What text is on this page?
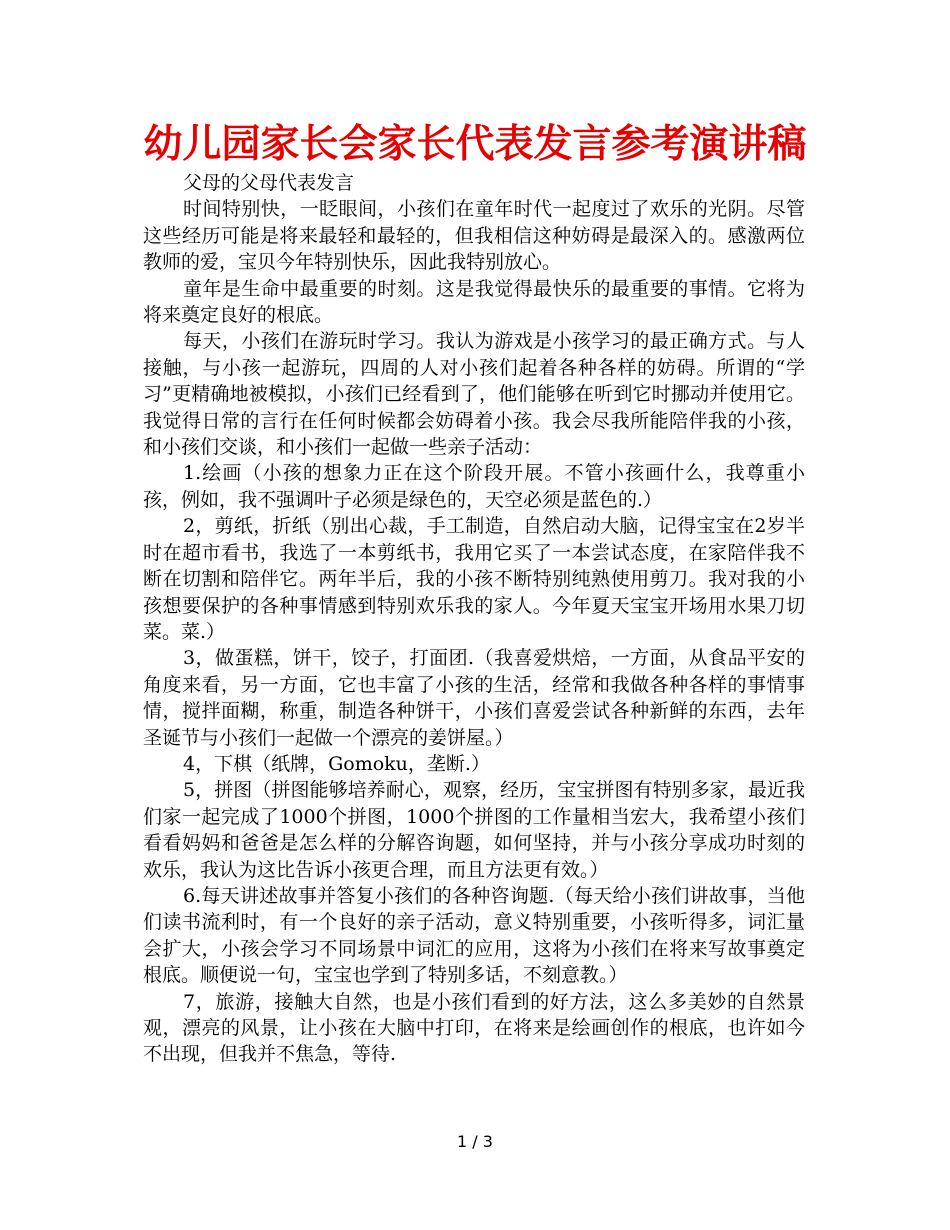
幼儿园家长会家长代表发言参考演讲稿

父母的父母代表发言

时间特别快，一眨眼间，小孩们在童年时代一起度过了欢乐的光阴。尽管这些经历可能是将来最轻和最轻的，但我相信这种妨碍是最深入的。感激两位教师的爱，宝贝今年特别快乐，因此我特别放心。

童年是生命中最重要的时刻。这是我觉得最快乐的最重要的事情。它将为将来奠定良好的根底。

每天，小孩们在游玩时学习。我认为游戏是小孩学习的最正确方式。与人接触，与小孩一起游玩，四周的人对小孩们起着各种各样的妨碍。所谓的“学习”更精确地被模拟，小孩们已经看到了，他们能够在听到它时挪动并使用它。我觉得日常的言行在任何时候都会妨碍着小孩。我会尽我所能陪伴我的小孩，和小孩们交谈，和小孩们一起做一些亲子活动：

1.绘画（小孩的想象力正在这个阶段开展。不管小孩画什么，我尊重小孩，例如，我不强调叶子必须是绿色的，天空必须是蓝色的.）

2，剪纸，折纸（别出心裁，手工制造，自然启动大脑，记得宝宝在2岁半时在超市看书，我选了一本剪纸书，我用它买了一本尝试态度，在家陪伴我不断在切割和陪伴它。两年半后，我的小孩不断特别纯熟使用剪刀。我对我的小孩想要保护的各种事情感到特别欢乐我的家人。今年夏天宝宝开场用水果刀切菜。菜.）

3，做蛋糕，饼干，饺子，打面团.（我喜爱烘焙，一方面，从食品平安的角度来看，另一方面，它也丰富了小孩的生活，经常和我做各种各样的事情事情，搅拌面糊，称重，制造各种饼干，小孩们喜爱尝试各种新鲜的东西，去年圣诞节与小孩们一起做一个漂亮的姜饼屋。）

4，下棋（纸牌，Gomoku，垄断.）

5，拼图（拼图能够培养耐心，观察，经历，宝宝拼图有特别多家，最近我们家一起完成了1000个拼图，1000个拼图的工作量相当宏大，我希望小孩们看看妈妈和爸爸是怎么样的分解咨询题，如何坚持，并与小孩分享成功时刻的欢乐，我认为这比告诉小孩更合理，而且方法更有效。）

6.每天讲述故事并答复小孩们的各种咨询题.（每天给小孩们讲故事，当他们读书流利时，有一个良好的亲子活动，意义特别重要，小孩听得多，词汇量会扩大，小孩会学习不同场景中词汇的应用，这将为小孩们在将来写故事奠定根底。顺便说一句，宝宝也学到了特别多话，不刻意教。）

7，旅游，接触大自然，也是小孩们看到的好方法，这么多美妙的自然景观，漂亮的风景，让小孩在大脑中打印，在将来是绘画创作的根底，也许如今不出现，但我并不焦急，等待.

1 / 3
